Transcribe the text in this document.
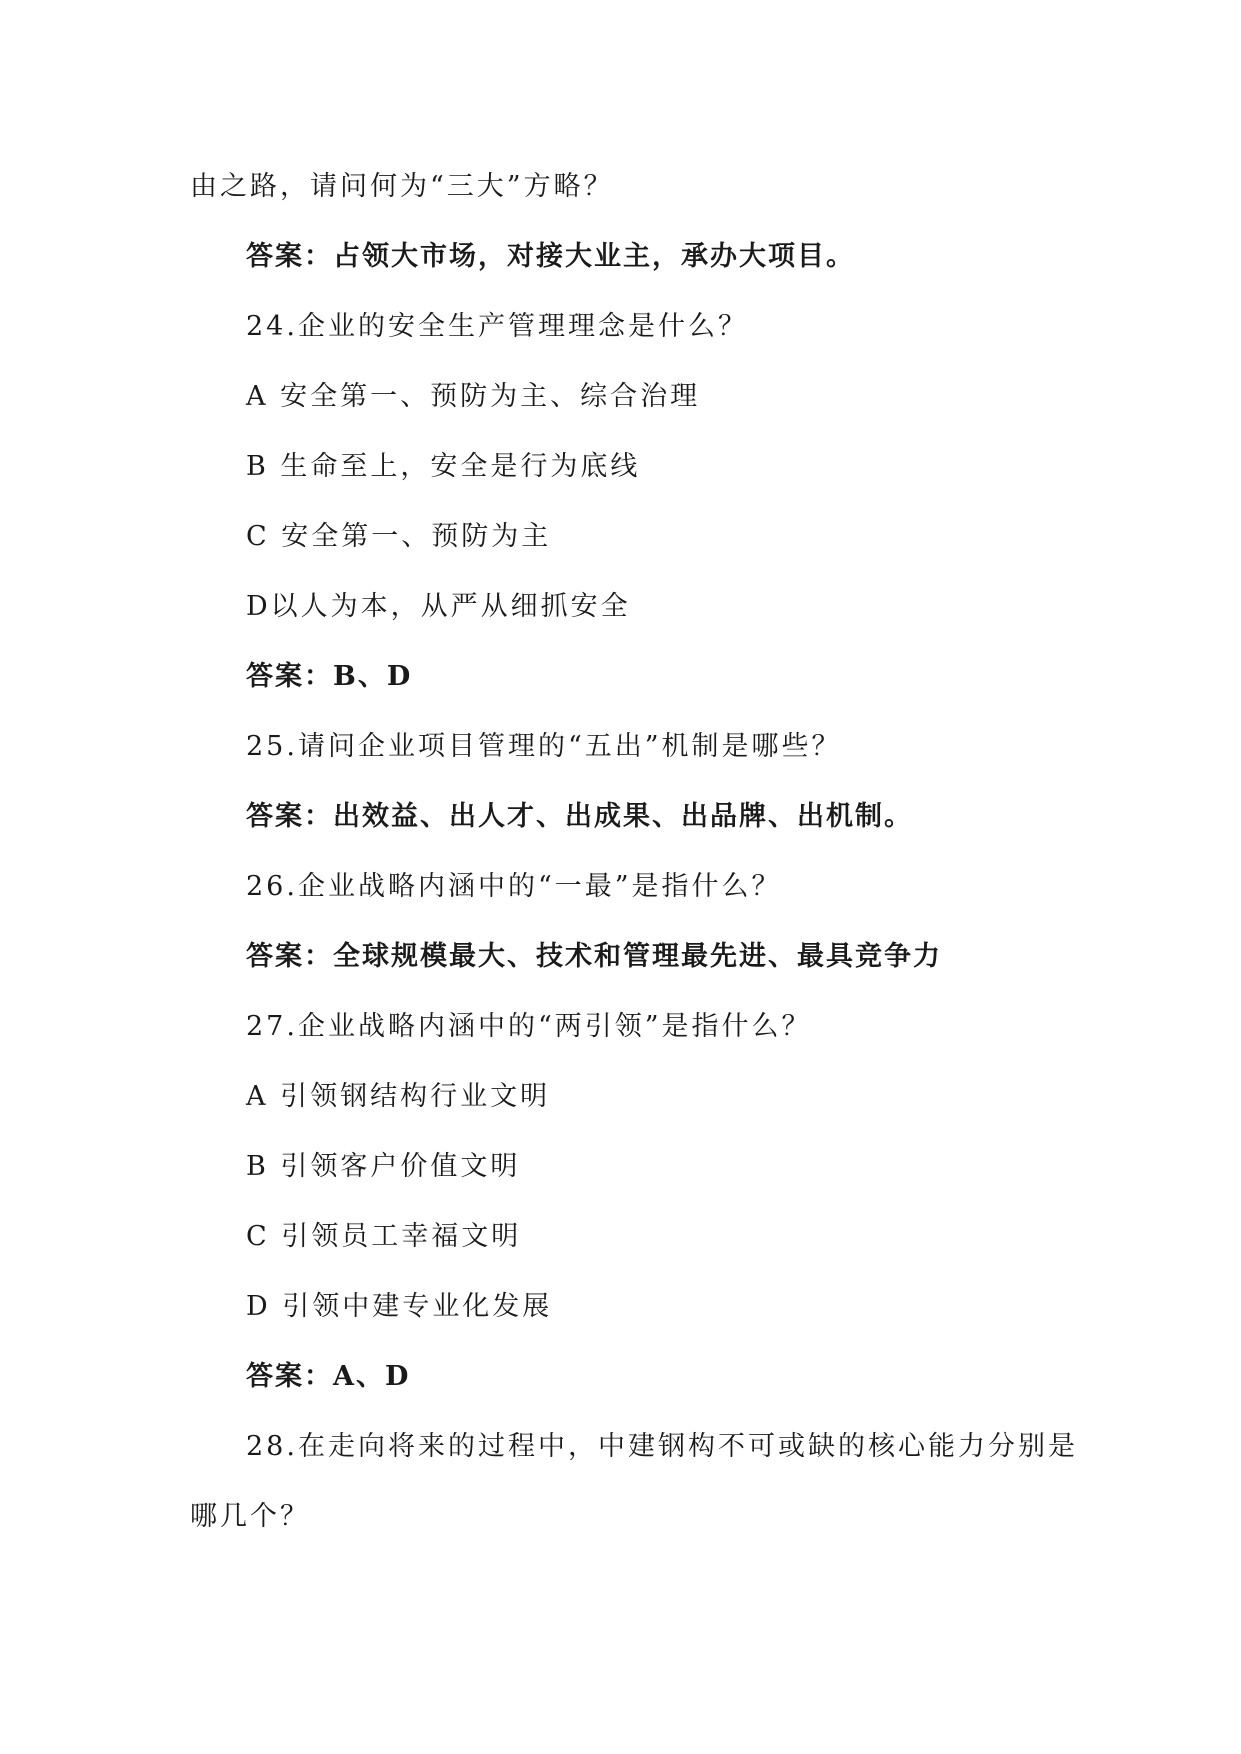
由之路，请问何为“三大”方略？

答案：占领大市场，对接大业主，承办大项目。

24.企业的安全生产管理理念是什么？

A 安全第一、预防为主、综合治理

B 生命至上，安全是行为底线

C 安全第一、预防为主

D以人为本，从严从细抓安全

答案：B、D

25.请问企业项目管理的“五出”机制是哪些？

答案：出效益、出人才、出成果、出品牌、出机制。

26.企业战略内涵中的“一最”是指什么？

答案：全球规模最大、技术和管理最先进、最具竞争力

27.企业战略内涵中的“两引领”是指什么？

A 引领钢结构行业文明

B 引领客户价值文明

C 引领员工幸福文明

D 引领中建专业化发展

答案：A、D

28.在走向将来的过程中，中建钢构不可或缺的核心能力分别是

哪几个？
